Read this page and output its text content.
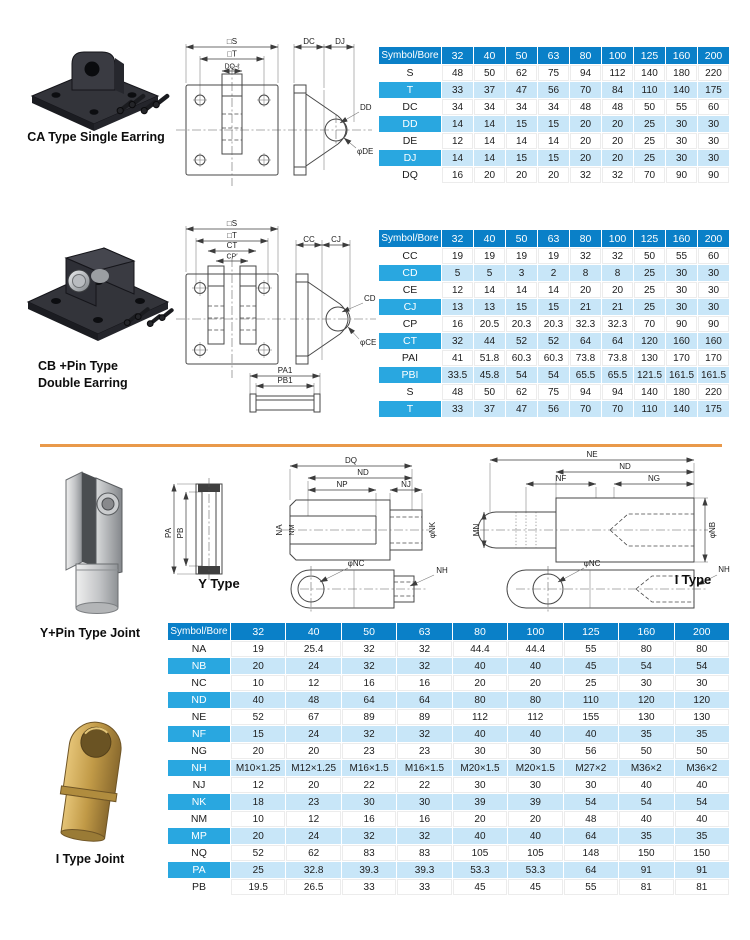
CA Type Single Earring
□S
□T
DQ-ℓ
DC	DJ
DD
φDE
Symbol/Bore	32	40	50	63	80	100	125	160	200
S	48	50	62	75	94	112	140	180	220
T	33	37	47	56	70	84	110	140	175
DC	34	34	34	34	48	48	50	55	60
DD	14	14	15	15	20	20	25	30	30
DE	12	14	14	14	20	20	25	30	30
DJ	14	14	15	15	20	20	25	30	30
DQ	16	20	20	20	32	32	70	90	90
CB +Pin Type
Double Earring
□S
□T
CT
CP′
CC CJ
CD
φCE
PA1
PB1
Symbol/Bore	32	40	50	63	80	100	125	160	200
CC	19	19	19	19	32	32	50	55	60
CD	5	5	3	2	8	8	25	30	30
CE	12	14	14	14	20	20	25	30	30
CJ	13	13	15	15	21	21	25	30	30
CP	16	20.5	20.3	20.3	32.3	32.3	70	90	90
CT	32	44	52	52	64	64	120	160	160
PAI	41	51.8	60.3	60.3	73.8	73.8	130	170	170
PBI	33.5	45.8	54	54	65.5	65.5	121.5	161.5	161.5
S	48	50	62	75	94	94	140	180	220
T	33	37	47	56	70	70	110	140	175
Y+Pin Type Joint
I Type Joint
PA PB
DQ
ND
NP	NJ
NA NM	φNK
φNC
NH
Y Type
NE
ND
NF	NG
MN	φNB
φNC
NH
I Type
Symbol/Bore	32	40	50	63	80	100	125	160	200
NA	19	25.4	32	32	44.4	44.4	55	80	80
NB	20	24	32	32	40	40	45	54	54
NC	10	12	16	16	20	20	25	30	30
ND	40	48	64	64	80	80	110	120	120
NE	52	67	89	89	112	112	155	130	130
NF	15	24	32	32	40	40	40	35	35
NG	20	20	23	23	30	30	56	50	50
NH	M10×1.25	M12×1.25	M16×1.5	M16×1.5	M20×1.5	M20×1.5	M27×2	M36×2	M36×2
NJ	12	20	22	22	30	30	30	40	40
NK	18	23	30	30	39	39	54	54	54
NM	10	12	16	16	20	20	48	40	40
MP	20	24	32	32	40	40	64	35	35
NQ	52	62	83	83	105	105	148	150	150
PA	25	32.8	39.3	39.3	53.3	53.3	64	91	91
PB	19.5	26.5	33	33	45	45	55	81	81
